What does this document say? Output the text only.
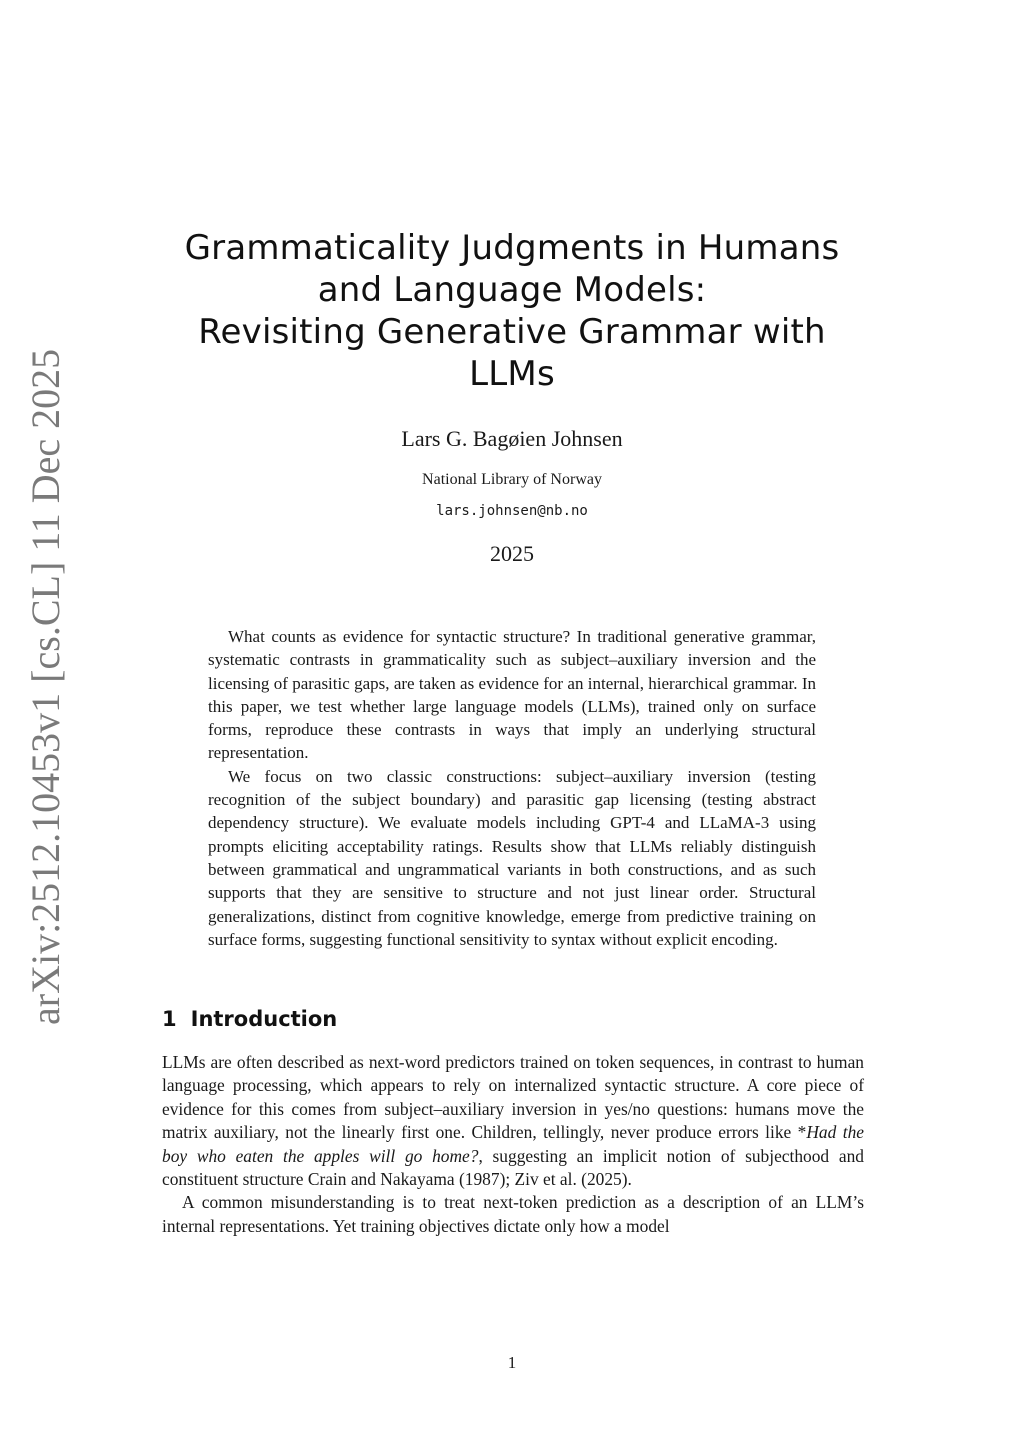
arXiv:2512.10453v1 [cs.CL] 11 Dec 2025
Grammaticality Judgments in Humans
and Language Models:
Revisiting Generative Grammar with
LLMs
Lars G. Bagøien Johnsen
National Library of Norway
lars.johnsen@nb.no
2025

What counts as evidence for syntactic structure? In traditional generative grammar, systematic contrasts in grammaticality such as subject–auxiliary inversion and the licensing of parasitic gaps, are taken as evidence for an internal, hierarchical grammar. In this paper, we test whether large language models (LLMs), trained only on surface forms, reproduce these contrasts in ways that imply an underlying structural representation.

We focus on two classic constructions: subject–auxiliary inversion (testing recognition of the subject boundary) and parasitic gap licensing (testing abstract dependency structure). We evaluate models including GPT-4 and LLaMA-3 using prompts eliciting acceptability ratings. Results show that LLMs reliably distinguish between grammatical and ungrammatical variants in both constructions, and as such supports that they are sensitive to structure and not just linear order. Structural generalizations, distinct from cognitive knowledge, emerge from predictive training on surface forms, suggesting functional sensitivity to syntax without explicit encoding.

1 Introduction

LLMs are often described as next-word predictors trained on token sequences, in contrast to human language processing, which appears to rely on internalized syntactic structure. A core piece of evidence for this comes from subject–auxiliary inversion in yes/no questions: humans move the matrix auxiliary, not the linearly first one. Children, tellingly, never produce errors like *Had the boy who eaten the apples will go home?, suggesting an implicit notion of subjecthood and constituent structure Crain and Nakayama (1987); Ziv et al. (2025).

A common misunderstanding is to treat next-token prediction as a description of an LLM’s internal representations. Yet training objectives dictate only how a model

1
